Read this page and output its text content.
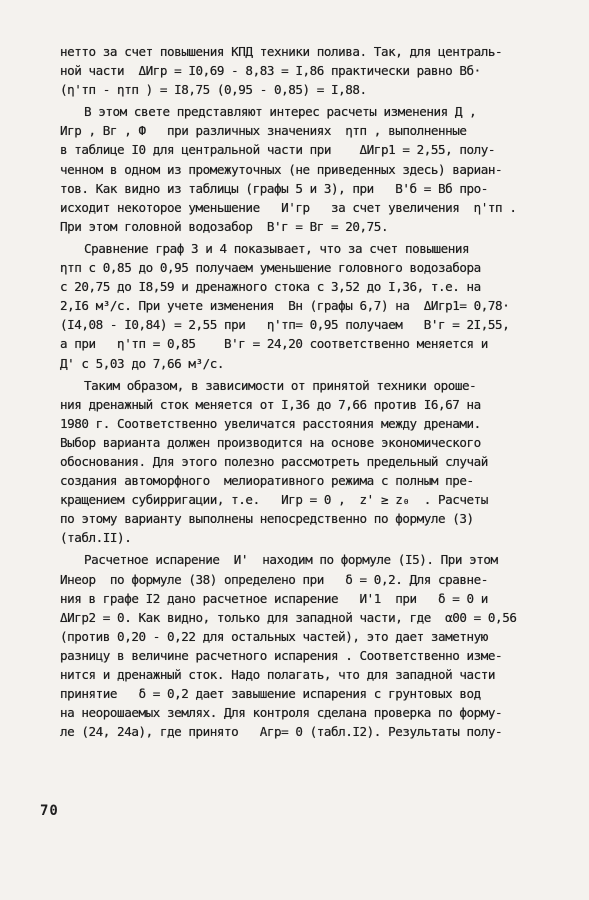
нетто за счет повышения КПД техники полива. Так, для централь-
ной части  ΔИгр = I0,69 - 8,83 = I,86 практически равно Вб·
(η'тп - ηтп ) = I8,75 (0,95 - 0,85) = I,88.
В этом свете представляют интерес расчеты изменения Д ,
Игр , Вг , Ф   при различных значениях  ηтп , выполненные
в таблице I0 для центральной части при    ΔИгр1 = 2,55, полу-
ченном в одном из промежуточных (не приведенных здесь) вариан-
тов. Как видно из таблицы (графы 5 и 3), при   В'б = Вб про-
исходит некоторое уменьшение   И'гр   за счет увеличения  η'тп .
При этом головной водозабор  В'г = Вг = 20,75.
Сравнение граф 3 и 4 показывает, что за счет повышения
ηтп с 0,85 до 0,95 получаем уменьшение головного водозабора
с 20,75 до I8,59 и дренажного стока с 3,52 до I,36, т.е. на
2,I6 м³/с. При учете изменения  Вн (графы 6,7) на  ΔИгр1= 0,78·
(I4,08 - I0,84) = 2,55 при   η'тп= 0,95 получаем   В'г = 2I,55,
а при   η'тп = 0,85    В'г = 24,20 соответственно меняется и
Д' с 5,03 до 7,66 м³/с.
Таким образом, в зависимости от принятой техники ороше-
ния дренажный сток меняется от I,36 до 7,66 против I6,67 на
1980 г. Соответственно увеличатся расстояния между дренами.
Выбор варианта должен производится на основе экономического
обоснования. Для этого полезно рассмотреть предельный случай
создания автоморфного  мелиоративного режима с полным пре-
кращением субирригации, т.е.   Игр = 0 ,  z' ≥ z₀  . Расчеты
по этому варианту выполнены непосредственно по формуле (3)
(табл.II).
Расчетное испарение  И'  находим по формуле (I5). При этом
Инеор  по формуле (38) определено при   δ = 0,2. Для сравне-
ния в графе I2 дано расчетное испарение   И'1  при   δ = 0 и
ΔИгр2 = 0. Как видно, только для западной части, где  α00 = 0,56
(против 0,20 - 0,22 для остальных частей), это дает заметную
разницу в величине расчетного испарения . Соответственно изме-
нится и дренажный сток. Надо полагать, что для западной части
принятие   δ = 0,2 дает завышение испарения с грунтовых вод
на неорошаемых землях. Для контроля сделана проверка по форму-
ле (24, 24а), где принято   Агр= 0 (табл.I2). Результаты полу-
70
